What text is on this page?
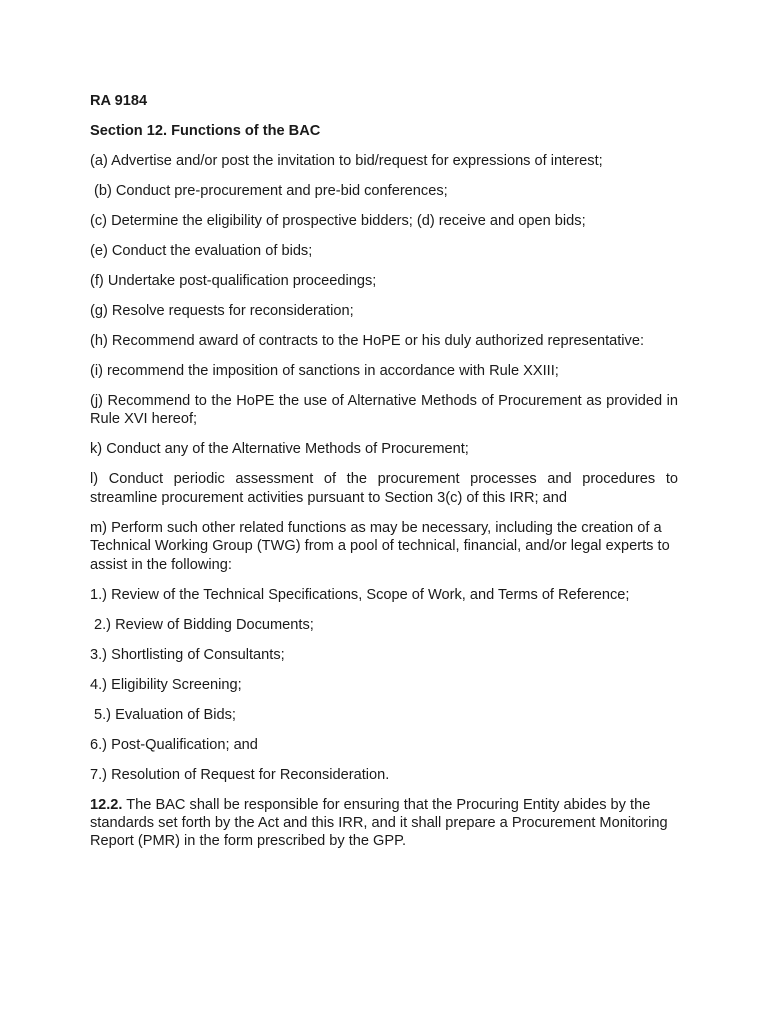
RA 9184

Section 12. Functions of the BAC

(a) Advertise and/or post the invitation to bid/request for expressions of interest;

(b) Conduct pre-procurement and pre-bid conferences;

(c) Determine the eligibility of prospective bidders; (d) receive and open bids;

(e) Conduct the evaluation of bids;

(f) Undertake post-qualification proceedings;

(g) Resolve requests for reconsideration;

(h) Recommend award of contracts to the HoPE or his duly authorized representative:

(i) recommend the imposition of sanctions in accordance with Rule XXIII;

(j) Recommend to the HoPE the use of Alternative Methods of Procurement as provided in Rule XVI hereof;

k) Conduct any of the Alternative Methods of Procurement;

l) Conduct periodic assessment of the procurement processes and procedures to streamline procurement activities pursuant to Section 3(c) of this IRR; and

m) Perform such other related functions as may be necessary, including the creation of a Technical Working Group (TWG) from a pool of technical, financial, and/or legal experts to assist in the following:

1.) Review of the Technical Specifications, Scope of Work, and Terms of Reference;

2.) Review of Bidding Documents;

3.) Shortlisting of Consultants;

4.) Eligibility Screening;

5.) Evaluation of Bids;

6.) Post-Qualification; and

7.) Resolution of Request for Reconsideration.

12.2. The BAC shall be responsible for ensuring that the Procuring Entity abides by the standards set forth by the Act and this IRR, and it shall prepare a Procurement Monitoring Report (PMR) in the form prescribed by the GPP.
